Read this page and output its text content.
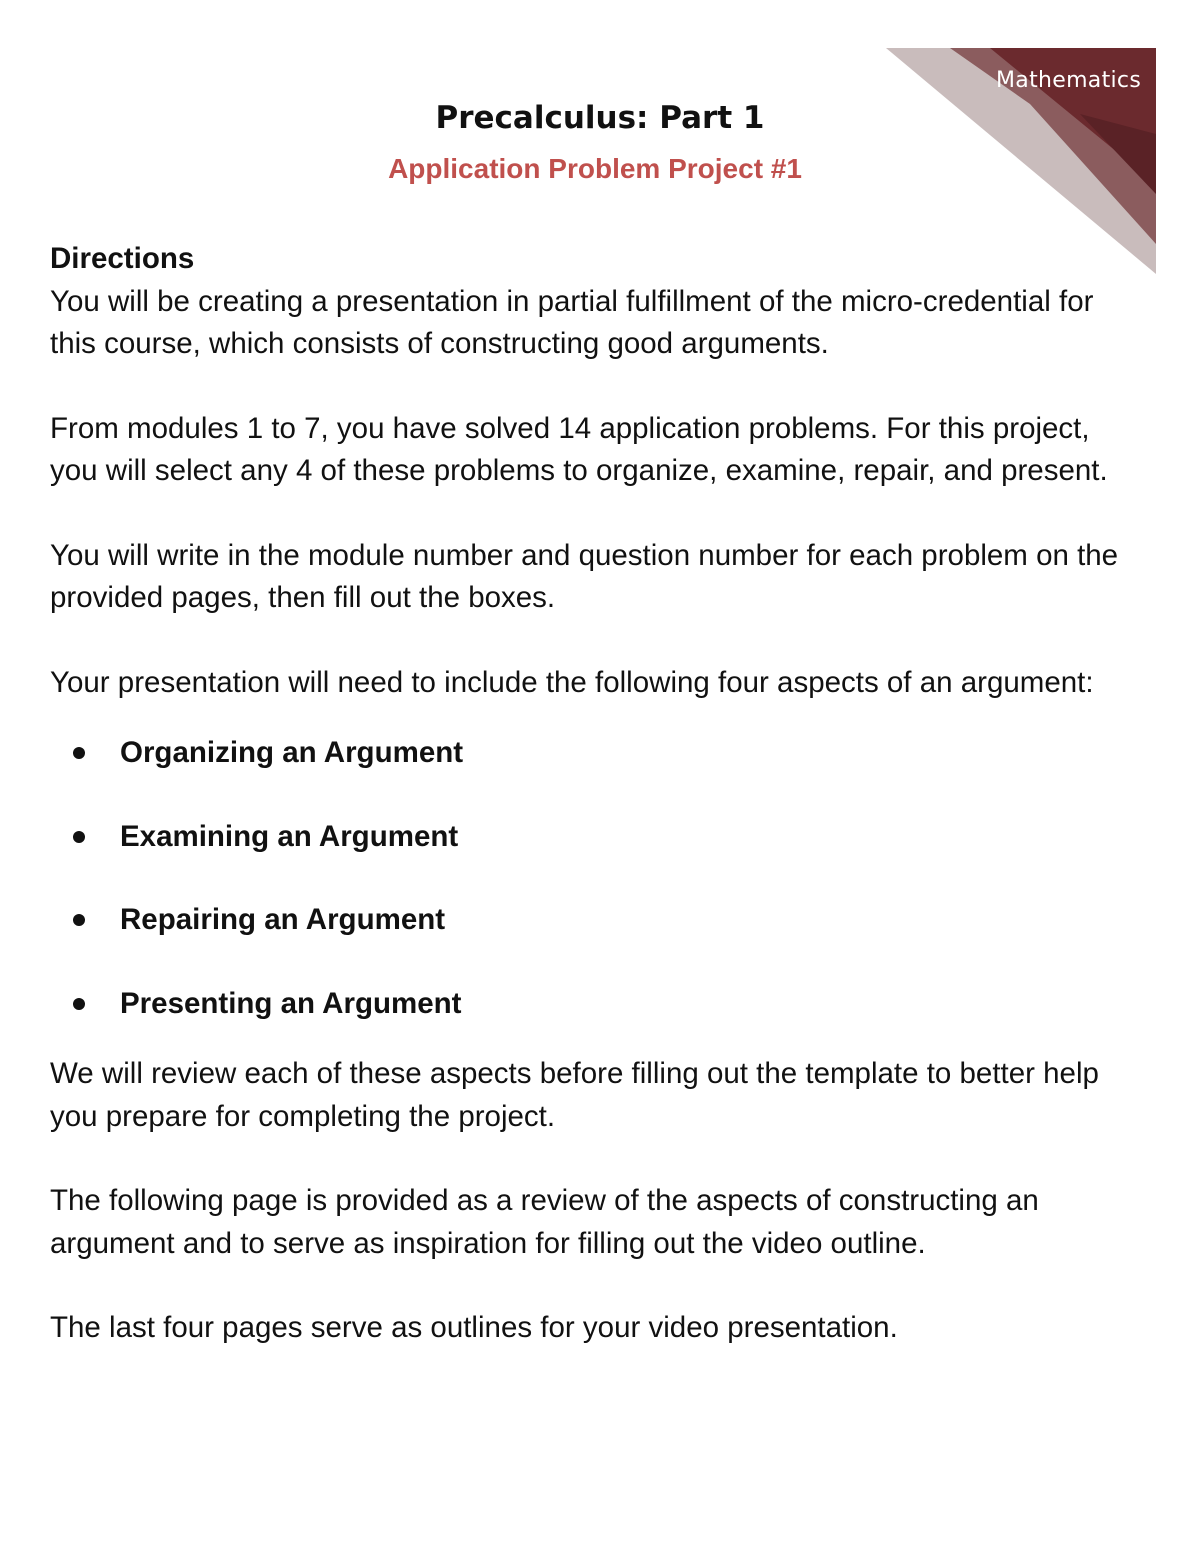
Mathematics
Precalculus: Part 1
Application Problem Project #1

Directions

You will be creating a presentation in partial fulfillment of the micro-credential for this course, which consists of constructing good arguments.

From modules 1 to 7, you have solved 14 application problems. For this project, you will select any 4 of these problems to organize, examine, repair, and present.

You will write in the module number and question number for each problem on the provided pages, then fill out the boxes.

Your presentation will need to include the following four aspects of an argument:

Organizing an Argument
Examining an Argument
Repairing an Argument
Presenting an Argument

We will review each of these aspects before filling out the template to better help you prepare for completing the project.

The following page is provided as a review of the aspects of constructing an argument and to serve as inspiration for filling out the video outline.

The last four pages serve as outlines for your video presentation.
